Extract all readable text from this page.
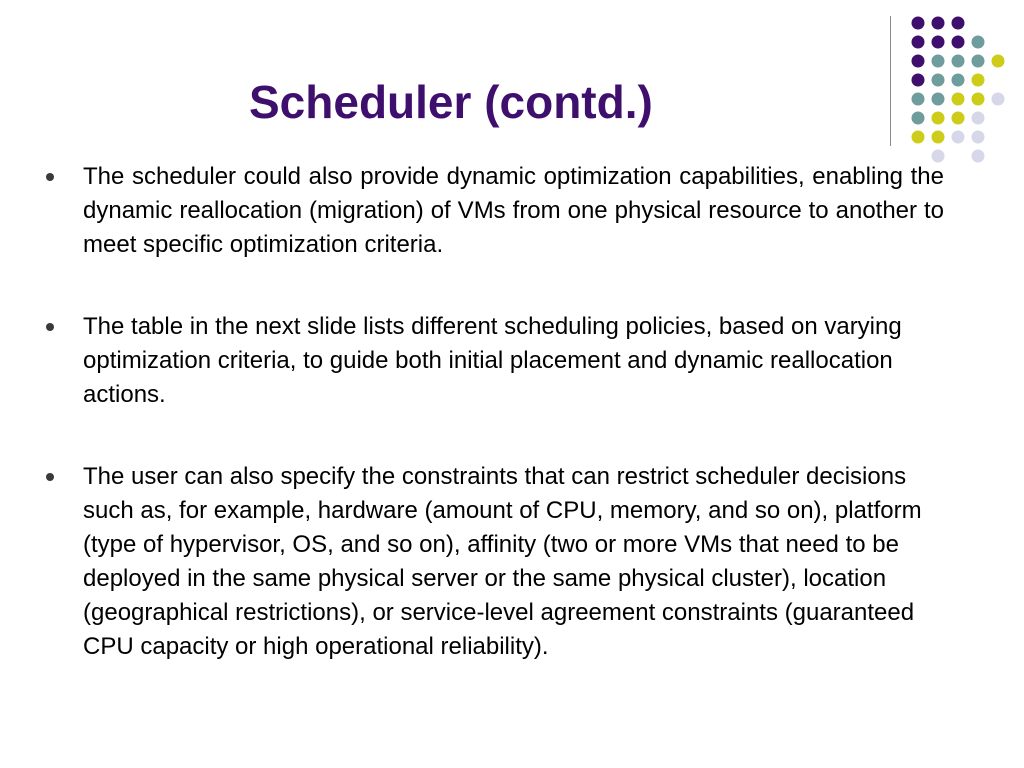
Scheduler (contd.)
The scheduler could also provide dynamic optimization capabilities, enabling the dynamic reallocation (migration) of VMs from one physical resource to another to meet specific optimization criteria.
The table in the next slide lists different scheduling policies, based on varying optimization criteria, to guide both initial placement and dynamic reallocation actions.
The user can also specify the constraints that can restrict scheduler decisions such as, for example, hardware (amount of CPU, memory, and so on), platform (type of hypervisor, OS, and so on), affinity (two or more VMs that need to be deployed in the same physical server or the same physical cluster), location (geographical restrictions), or service-level agreement constraints (guaranteed CPU capacity or high operational reliability).
